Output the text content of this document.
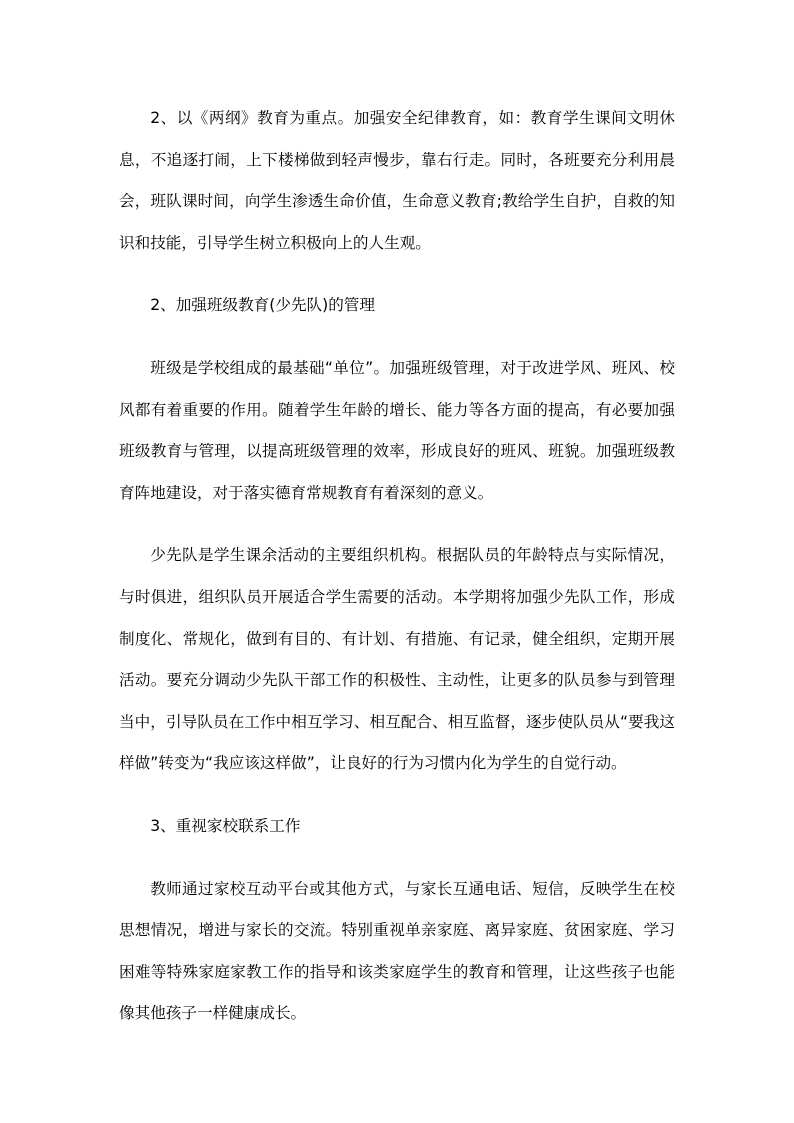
2、以《两纲》教育为重点。加强安全纪律教育，如：教育学生课间文明休息，不追逐打闹，上下楼梯做到轻声慢步，靠右行走。同时，各班要充分利用晨会，班队课时间，向学生渗透生命价值，生命意义教育;教给学生自护，自救的知识和技能，引导学生树立积极向上的人生观。

2、加强班级教育(少先队)的管理

班级是学校组成的最基础“单位”。加强班级管理，对于改进学风、班风、校风都有着重要的作用。随着学生年龄的增长、能力等各方面的提高，有必要加强班级教育与管理，以提高班级管理的效率，形成良好的班风、班貌。加强班级教育阵地建设，对于落实德育常规教育有着深刻的意义。

少先队是学生课余活动的主要组织机构。根据队员的年龄特点与实际情况，与时俱进，组织队员开展适合学生需要的活动。本学期将加强少先队工作，形成制度化、常规化，做到有目的、有计划、有措施、有记录，健全组织，定期开展活动。要充分调动少先队干部工作的积极性、主动性，让更多的队员参与到管理当中，引导队员在工作中相互学习、相互配合、相互监督，逐步使队员从“要我这样做”转变为“我应该这样做”，让良好的行为习惯内化为学生的自觉行动。

3、重视家校联系工作

教师通过家校互动平台或其他方式，与家长互通电话、短信，反映学生在校思想情况，增进与家长的交流。特别重视单亲家庭、离异家庭、贫困家庭、学习困难等特殊家庭家教工作的指导和该类家庭学生的教育和管理，让这些孩子也能像其他孩子一样健康成长。
